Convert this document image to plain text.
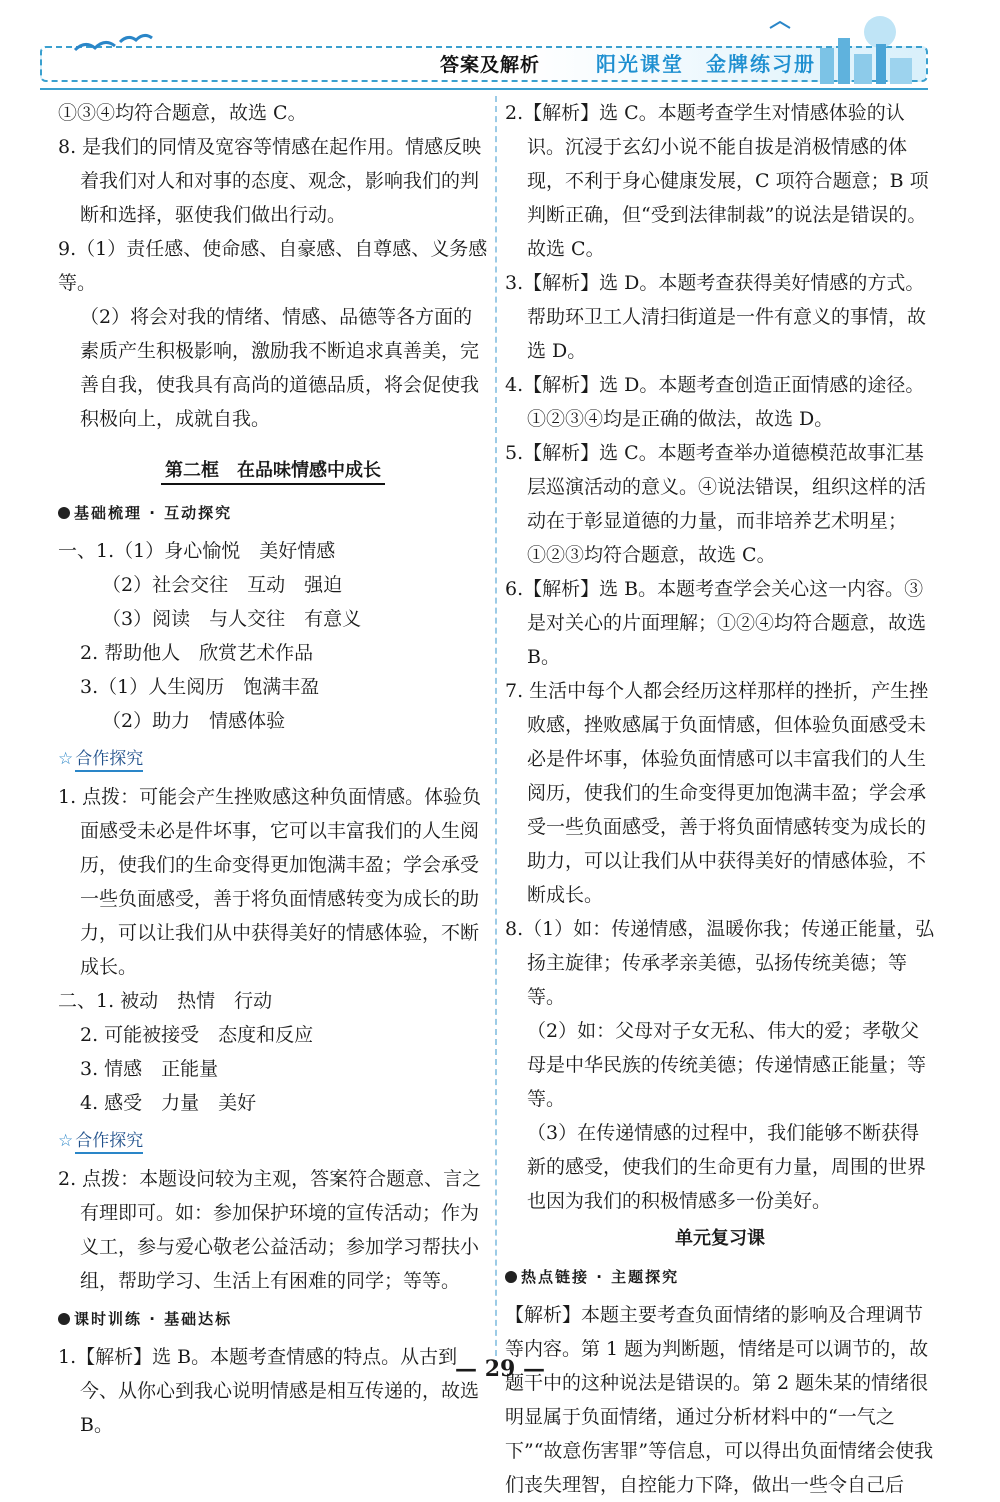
答案及解析	阳光课堂　金牌练习册

①③④均符合题意，故选 C。

8. 是我们的同情及宽容等情感在起作用。情感反映着我们对人和对事的态度、观念，影响我们的判断和选择，驱使我们做出行动。

9.（1）责任感、使命感、自豪感、自尊感、义务感等。

（2）将会对我的情绪、情感、品德等各方面的素质产生积极影响，激励我不断追求真善美，完善自我，使我具有高尚的道德品质，将会促使我积极向上，成就自我。

第二框　在品味情感中成长
基础梳理 · 互动探究

一、1.（1）身心愉悦　美好情感

（2）社会交往　互动　强迫

（3）阅读　与人交往　有意义

2. 帮助他人　欣赏艺术作品

3.（1）人生阅历　饱满丰盈

（2）助力　情感体验

☆ 合作探究

1. 点拨：可能会产生挫败感这种负面情感。体验负面感受未必是件坏事，它可以丰富我们的人生阅历，使我们的生命变得更加饱满丰盈；学会承受一些负面感受，善于将负面情感转变为成长的助力，可以让我们从中获得美好的情感体验，不断成长。

二、1. 被动　热情　行动

2. 可能被接受　态度和反应

3. 情感　正能量

4. 感受　力量　美好

☆ 合作探究

2. 点拨：本题设问较为主观，答案符合题意、言之有理即可。如：参加保护环境的宣传活动；作为义工，参与爱心敬老公益活动；参加学习帮扶小组，帮助学习、生活上有困难的同学；等等。

课时训练 · 基础达标

1.【解析】选 B。本题考查情感的特点。从古到今、从你心到我心说明情感是相互传递的，故选 B。

2.【解析】选 C。本题考查学生对情感体验的认识。沉浸于玄幻小说不能自拔是消极情感的体现，不利于身心健康发展，C 项符合题意；B 项判断正确，但“受到法律制裁”的说法是错误的。故选 C。

3.【解析】选 D。本题考查获得美好情感的方式。帮助环卫工人清扫街道是一件有意义的事情，故选 D。

4.【解析】选 D。本题考查创造正面情感的途径。①②③④均是正确的做法，故选 D。

5.【解析】选 C。本题考查举办道德模范故事汇基层巡演活动的意义。④说法错误，组织这样的活动在于彰显道德的力量，而非培养艺术明星；①②③均符合题意，故选 C。

6.【解析】选 B。本题考查学会关心这一内容。③是对关心的片面理解；①②④均符合题意，故选 B。

7. 生活中每个人都会经历这样那样的挫折，产生挫败感，挫败感属于负面情感，但体验负面感受未必是件坏事，体验负面情感可以丰富我们的人生阅历，使我们的生命变得更加饱满丰盈；学会承受一些负面感受，善于将负面情感转变为成长的助力，可以让我们从中获得美好的情感体验，不断成长。

8.（1）如：传递情感，温暖你我；传递正能量，弘扬主旋律；传承孝亲美德，弘扬传统美德；等等。

（2）如：父母对子女无私、伟大的爱；孝敬父母是中华民族的传统美德；传递情感正能量；等等。

（3）在传递情感的过程中，我们能够不断获得新的感受，使我们的生命更有力量，周围的世界也因为我们的积极情感多一份美好。

单元复习课
热点链接 · 主题探究

【解析】本题主要考查负面情绪的影响及合理调节等内容。第 1 题为判断题，情绪是可以调节的，故题干中的这种说法是错误的。第 2 题朱某的情绪很明显属于负面情绪，通过分析材料中的“一气之下”“故意伤害罪”等信息，可以得出负面情绪会使我们丧失理智，自控能力下降，做出一些令自己后

— 29 —
